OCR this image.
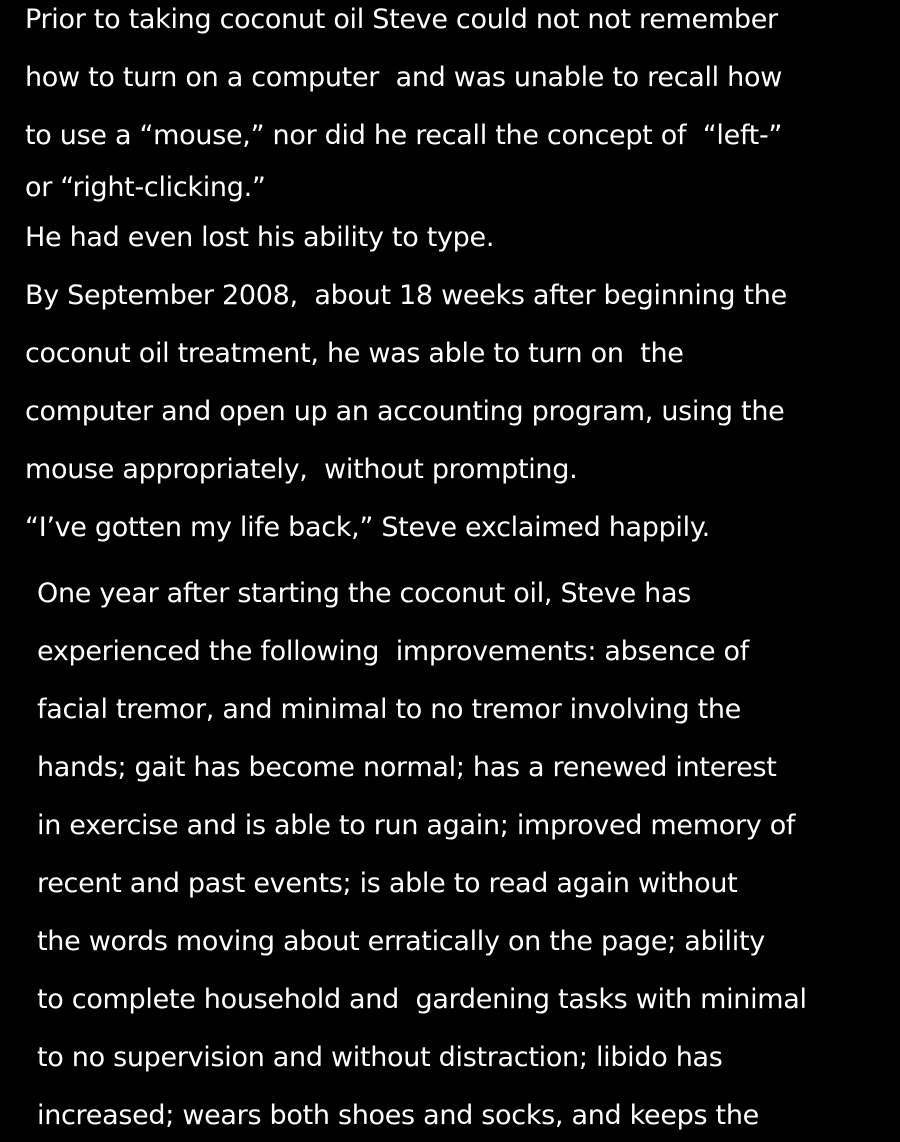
Prior to taking coconut oil Steve could not not remember
how to turn on a computer  and was unable to recall how
to use a “mouse,” nor did he recall the concept of  “left-”
or “right-clicking.”
He had even lost his ability to type.
By September 2008,  about 18 weeks after beginning the
coconut oil treatment, he was able to turn on  the
computer and open up an accounting program, using the
mouse appropriately,  without prompting.
“I’ve gotten my life back,” Steve exclaimed happily.
One year after starting the coconut oil, Steve has
experienced the following  improvements: absence of
facial tremor, and minimal to no tremor involving the
hands; gait has become normal; has a renewed interest
in exercise and is able to run again; improved memory of
recent and past events; is able to read again without
the words moving about erratically on the page; ability
to complete household and  gardening tasks with minimal
to no supervision and without distraction; libido has
increased; wears both shoes and socks, and keeps the
